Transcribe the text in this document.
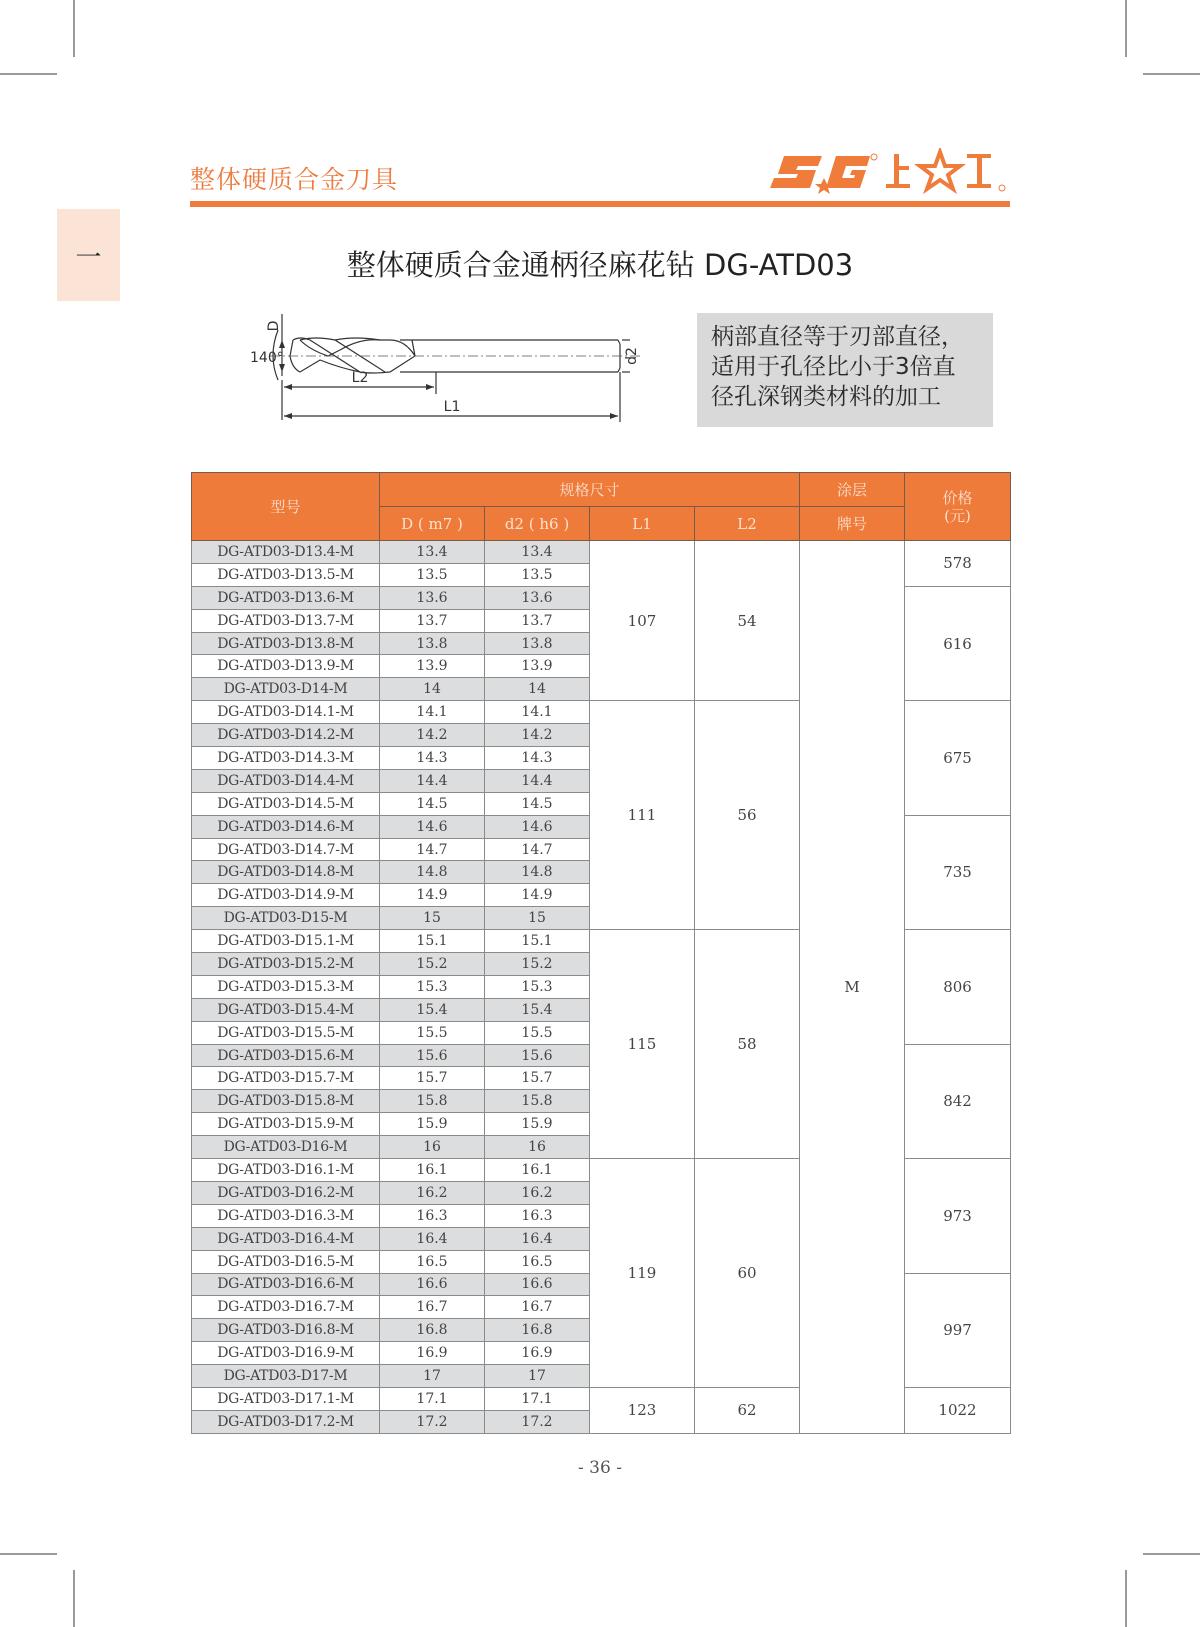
整体硬质合金刀具
一	整体硬质合金通柄径麻花钻 DG-ATD03
140°
D
d2
L2
L1
柄部直径等于刃部直径，
适用于孔径比小于3倍直
径孔深钢类材料的加工
型号	规格尺寸				涂层	价格
(元)

	D ( m7 )	d2 ( h6 )	L1	L2	牌号	
DG-ATD03-D13.4-M	13.4	13.4	107	54	M	578
DG-ATD03-D13.5-M	13.5	13.5				
DG-ATD03-D13.6-M	13.6	13.6				616
DG-ATD03-D13.7-M	13.7	13.7				
DG-ATD03-D13.8-M	13.8	13.8				
DG-ATD03-D13.9-M	13.9	13.9				
DG-ATD03-D14-M	14	14				
DG-ATD03-D14.1-M	14.1	14.1	111	56		675
DG-ATD03-D14.2-M	14.2	14.2				
DG-ATD03-D14.3-M	14.3	14.3				
DG-ATD03-D14.4-M	14.4	14.4				
DG-ATD03-D14.5-M	14.5	14.5				
DG-ATD03-D14.6-M	14.6	14.6				735
DG-ATD03-D14.7-M	14.7	14.7				
DG-ATD03-D14.8-M	14.8	14.8				
DG-ATD03-D14.9-M	14.9	14.9				
DG-ATD03-D15-M	15	15				
DG-ATD03-D15.1-M	15.1	15.1	115	58		806
DG-ATD03-D15.2-M	15.2	15.2				
DG-ATD03-D15.3-M	15.3	15.3				
DG-ATD03-D15.4-M	15.4	15.4				
DG-ATD03-D15.5-M	15.5	15.5				
DG-ATD03-D15.6-M	15.6	15.6				842
DG-ATD03-D15.7-M	15.7	15.7				
DG-ATD03-D15.8-M	15.8	15.8				
DG-ATD03-D15.9-M	15.9	15.9				
DG-ATD03-D16-M	16	16				
DG-ATD03-D16.1-M	16.1	16.1	119	60		973
DG-ATD03-D16.2-M	16.2	16.2				
DG-ATD03-D16.3-M	16.3	16.3				
DG-ATD03-D16.4-M	16.4	16.4				
DG-ATD03-D16.5-M	16.5	16.5				
DG-ATD03-D16.6-M	16.6	16.6				997
DG-ATD03-D16.7-M	16.7	16.7				
DG-ATD03-D16.8-M	16.8	16.8				
DG-ATD03-D16.9-M	16.9	16.9				
DG-ATD03-D17-M	17	17				
DG-ATD03-D17.1-M	17.1	17.1	123	62		1022
DG-ATD03-D17.2-M	17.2	17.2				
- 36 -
